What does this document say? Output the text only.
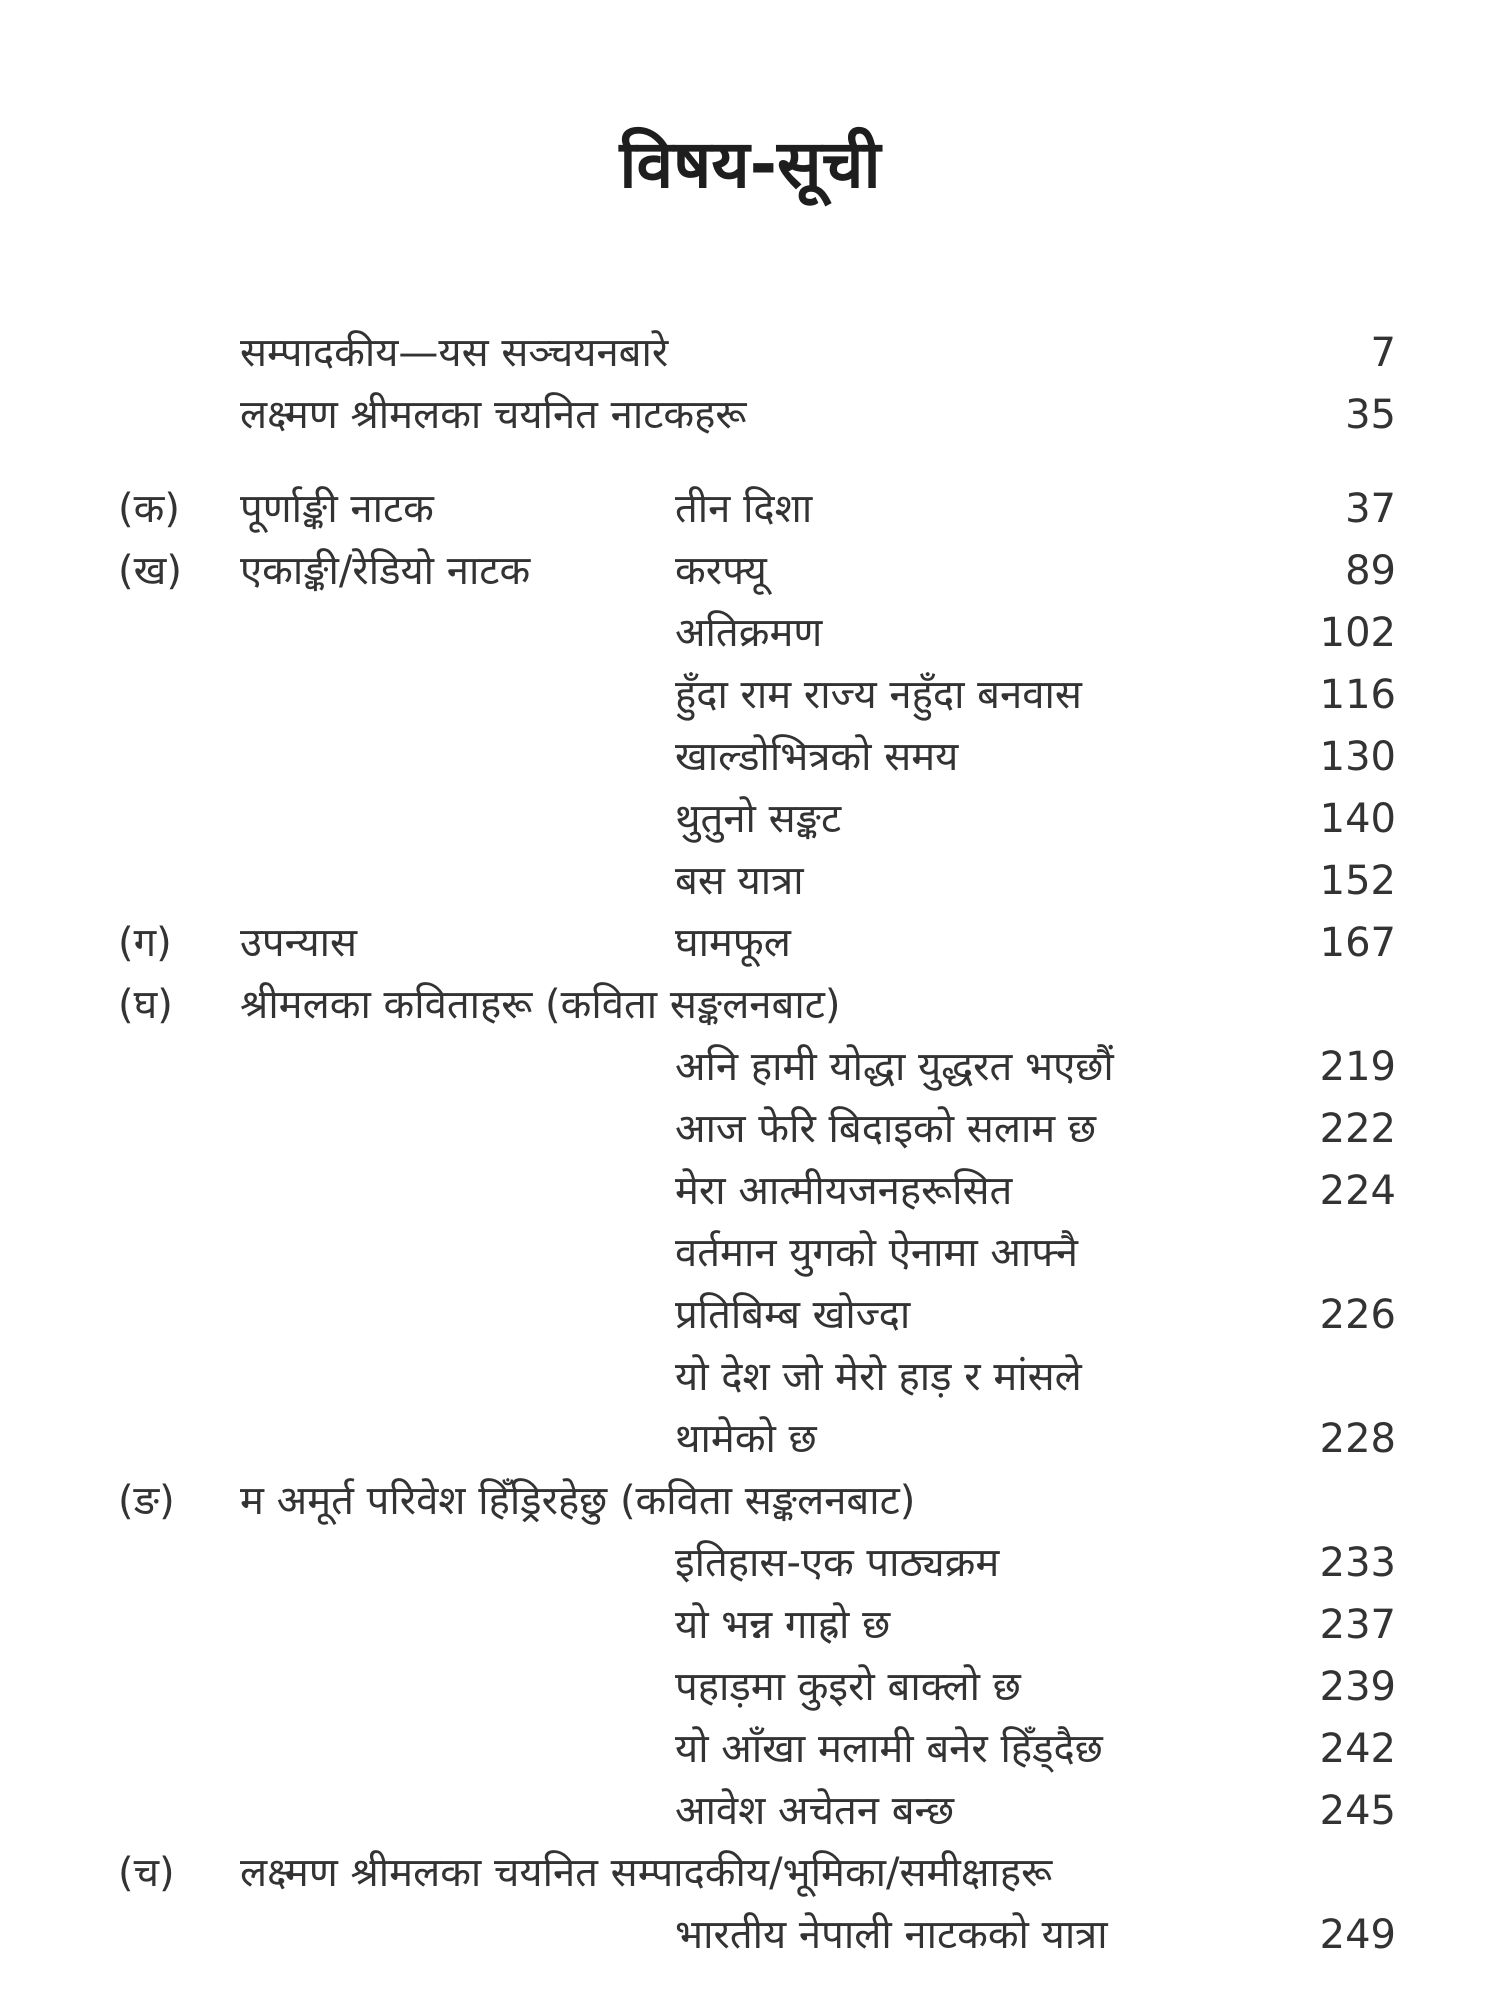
विषय-सूची
सम्पादकीय—यस सञ्चयनबारे	7
लक्ष्मण श्रीमलका चयनित नाटकहरू	35
(क) पूर्णाङ्की नाटक	तीन दिशा	37
(ख) एकाङ्की/रेडियो नाटक	करफ्यू	89
अतिक्रमण	102
हुँदा राम राज्य नहुँदा बनवास	116
खाल्डोभित्रको समय	130
थुतुनो सङ्कट	140
बस यात्रा	152
(ग) उपन्यास	घामफूल	167
(घ) श्रीमलका कविताहरू (कविता सङ्कलनबाट)
अनि हामी योद्धा युद्धरत भएछौं	219
आज फेरि बिदाइको सलाम छ	222
मेरा आत्मीयजनहरूसित	224
वर्तमान युगको ऐनामा आफ्नै
प्रतिबिम्ब खोज्दा	226
यो देश जो मेरो हाड़ र मांसले
थामेको छ	228
(ङ) म अमूर्त परिवेश हिँड्रिरहेछु (कविता सङ्कलनबाट)
इतिहास-एक पाठ्यक्रम	233
यो भन्न गाह्रो छ	237
पहाड़मा कुइरो बाक्लो छ	239
यो आँखा मलामी बनेर हिँड्दैछ	242
आवेश अचेतन बन्छ	245
(च) लक्ष्मण श्रीमलका चयनित सम्पादकीय/भूमिका/समीक्षाहरू
भारतीय नेपाली नाटकको यात्रा	249
